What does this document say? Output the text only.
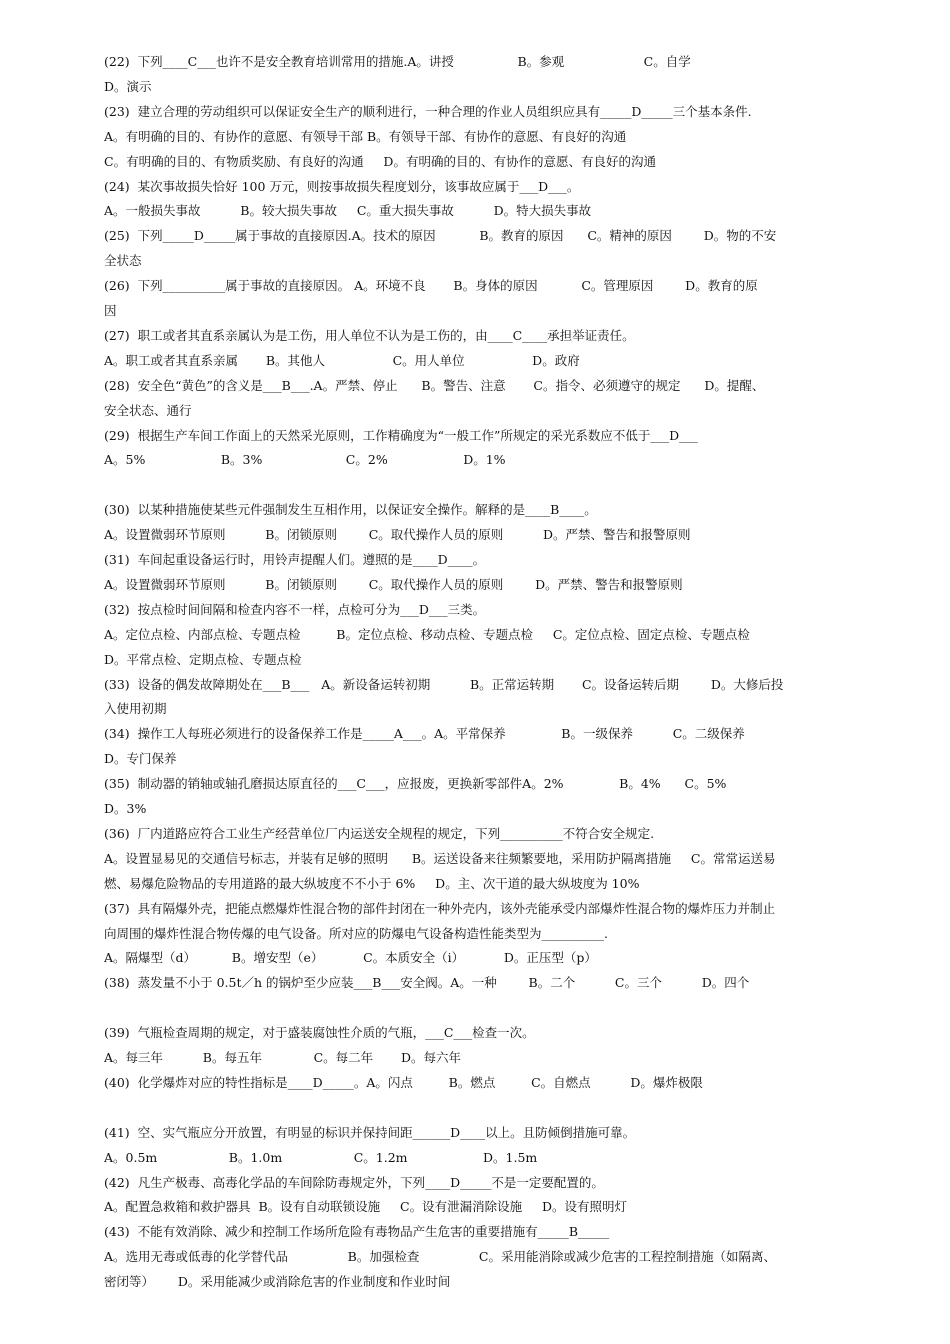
(22)  下列____C___也许不是安全教育培训常用的措施.A。讲授                B。参观                    C。自学
D。演示
(23)  建立合理的劳动组织可以保证安全生产的顺利进行，一种合理的作业人员组织应具有_____D_____三个基本条件.
A。有明确的目的、有协作的意愿、有领导干部 B。有领导干部、有协作的意愿、有良好的沟通
C。有明确的目的、有物质奖励、有良好的沟通     D。有明确的目的、有协作的意愿、有良好的沟通
(24)  某次事故损失恰好 100 万元，则按事故损失程度划分，该事故应属于___D___。
A。一般损失事故          B。较大损失事故     C。重大损失事故          D。特大损失事故
(25)  下列_____D_____属于事故的直接原因.A。技术的原因           B。教育的原因      C。精神的原因        D。物的不安
全状态
(26)  下列__________属于事故的直接原因。 A。环境不良       B。身体的原因           C。管理原因        D。教育的原
因
(27)  职工或者其直系亲属认为是工伤，用人单位不认为是工伤的，由____C____承担举证责任。
A。职工或者其直系亲属       B。其他人                 C。用人单位                 D。政府
(28)  安全色“黄色”的含义是___B___.A。严禁、停止      B。警告、注意       C。指令、必须遵守的规定      D。提醒、
安全状态、通行
(29)  根据生产车间工作面上的天然采光原则，工作精确度为“一般工作”所规定的采光系数应不低于___D___
A。5%                   B。3%                     C。2%                   D。1%
(30)  以某种措施使某些元件强制发生互相作用，以保证安全操作。解释的是____B____。
A。设置微弱环节原则          B。闭锁原则        C。取代操作人员的原则          D。严禁、警告和报警原则
(31)  车间起重设备运行时，用铃声提醒人们。遵照的是____D____。
A。设置微弱环节原则          B。闭锁原则        C。取代操作人员的原则        D。严禁、警告和报警原则
(32)  按点检时间间隔和检查内容不一样，点检可分为___D___三类。
A。定位点检、内部点检、专题点检         B。定位点检、移动点检、专题点检     C。定位点检、固定点检、专题点检
D。平常点检、定期点检、专题点检
(33)  设备的偶发故障期处在___B___   A。新设备运转初期          B。正常运转期       C。设备运转后期        D。大修后投
入使用初期
(34)  操作工人每班必须进行的设备保养工作是_____A___。A。平常保养              B。一级保养          C。二级保养
D。专门保养
(35)  制动器的销轴或轴孔磨损达原直径的___C___，应报废，更换新零部件A。2%              B。4%      C。5%
D。3%
(36)  厂内道路应符合工业生产经营单位厂内运送安全规程的规定，下列__________不符合安全规定.
A。设置显易见的交通信号标志，并装有足够的照明      B。运送设备来往频繁要地，采用防护隔离措施     C。常常运送易
燃、易爆危险物品的专用道路的最大纵坡度不不小于 6%     D。主、次干道的最大纵坡度为 10%
(37)  具有隔爆外壳，把能点燃爆炸性混合物的部件封闭在一种外壳内，该外壳能承受内部爆炸性混合物的爆炸压力并制止
向周围的爆炸性混合物传爆的电气设备。所对应的防爆电气设备构造性能类型为__________.
A。隔爆型（d）         B。增安型（e）          C。本质安全（i）          D。正压型（p）
(38)  蒸发量不小于 0.5t／h 的锅炉至少应装___B___安全阀。A。一种        B。二个          C。三个          D。四个
(39)  气瓶检查周期的规定，对于盛装腐蚀性介质的气瓶，___C___检查一次。
A。每三年          B。每五年             C。每二年       D。每六年
(40)  化学爆炸对应的特性指标是____D_____。A。闪点         B。燃点         C。自燃点          D。爆炸极限
(41)  空、实气瓶应分开放置，有明显的标识并保持间距______D____以上。且防倾倒措施可靠。
A。0.5m                  B。1.0m                  C。1.2m                   D。1.5m
(42)  凡生产极毒、高毒化学品的车间除防毒规定外，下列____D_____不是一定要配置的。
A。配置急救箱和救护器具  B。设有自动联锁设施     C。设有泄漏消除设施     D。设有照明灯
(43)  不能有效消除、减少和控制工作场所危险有毒物品产生危害的重要措施有_____B_____
A。选用无毒或低毒的化学替代品               B。加强检查               C。采用能消除或减少危害的工程控制措施（如隔离、
密闭等）      D。采用能减少或消除危害的作业制度和作业时间
